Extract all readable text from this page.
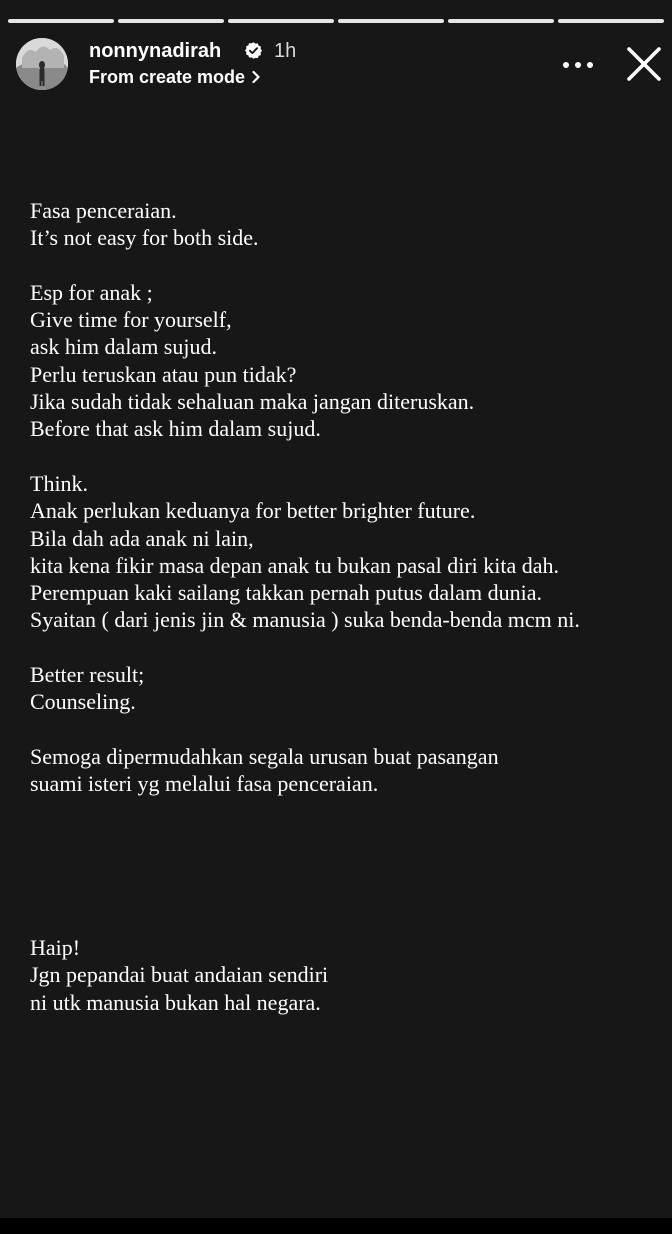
nonnynadirah	1h
From create mode
Fasa penceraian.
It’s not easy for both side.
Esp for anak ;
Give time for yourself,
ask him dalam sujud.
Perlu teruskan atau pun tidak?
Jika sudah tidak sehaluan maka jangan diteruskan.
Before that ask him dalam sujud.
Think.
Anak perlukan keduanya for better brighter future.
Bila dah ada anak ni lain,
kita kena fikir masa depan anak tu bukan pasal diri kita dah.
Perempuan kaki sailang takkan pernah putus dalam dunia.
Syaitan ( dari jenis jin & manusia ) suka benda-benda mcm ni.
Better result;
Counseling.
Semoga dipermudahkan segala urusan buat pasangan
suami isteri yg melalui fasa penceraian.
Haip!
Jgn pepandai buat andaian sendiri
ni utk manusia bukan hal negara.
